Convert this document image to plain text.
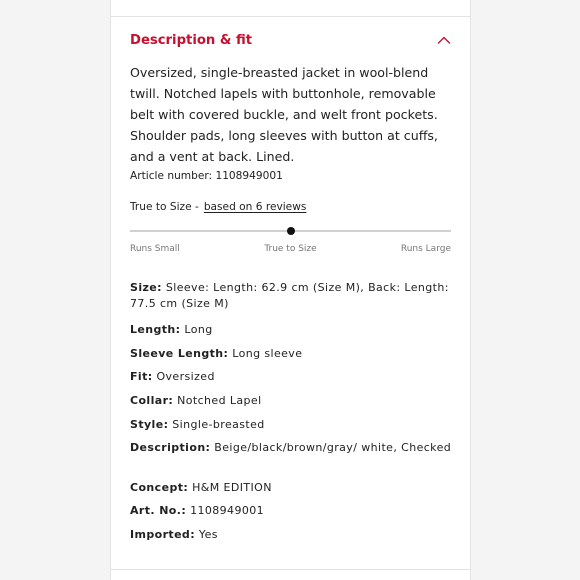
Description & fit

Oversized, single-breasted jacket in wool-blend twill. Notched lapels with buttonhole, removable belt with covered buckle, and welt front pockets. Shoulder pads, long sleeves with button at cuffs, and a vent at back. Lined.

Article number: 1108949001
True to Size - based on 6 reviews
Runs Small	True to Size	Runs Large
Size: Sleeve: Length: 62.9 cm (Size M), Back: Length: 77.5 cm (Size M)
Length: Long
Sleeve Length: Long sleeve
Fit: Oversized
Collar: Notched Lapel
Style: Single-breasted
Description: Beige/black/brown/gray/ white, Checked
Concept: H&M EDITION
Art. No.: 1108949001
Imported: Yes
